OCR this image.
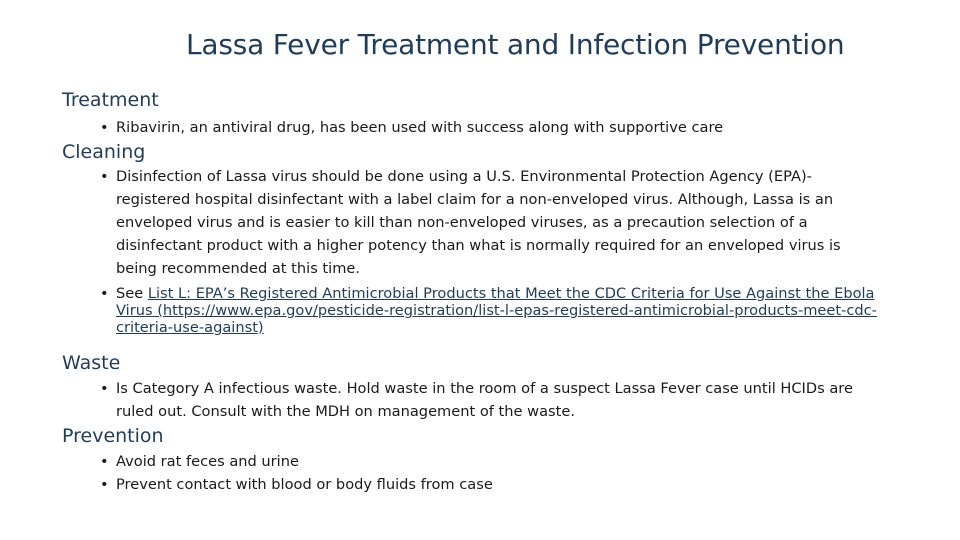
Lassa Fever Treatment and Infection Prevention
Treatment
• Ribavirin, an antiviral drug, has been used with success along with supportive care
Cleaning
• Disinfection of Lassa virus should be done using a U.S. Environmental Protection Agency (EPA)-registered hospital disinfectant with a label claim for a non-enveloped virus. Although, Lassa is an enveloped virus and is easier to kill than non-enveloped viruses, as a precaution selection of a disinfectant product with a higher potency than what is normally required for an enveloped virus is being recommended at this time.
• See List L: EPA’s Registered Antimicrobial Products that Meet the CDC Criteria for Use Against the Ebola Virus (https://www.epa.gov/pesticide-registration/list-l-epas-registered-antimicrobial-products-meet-cdc-criteria-use-against)
Waste
• Is Category A infectious waste. Hold waste in the room of a suspect Lassa Fever case until HCIDs are ruled out. Consult with the MDH on management of the waste.
Prevention
• Avoid rat feces and urine
• Prevent contact with blood or body fluids from case
